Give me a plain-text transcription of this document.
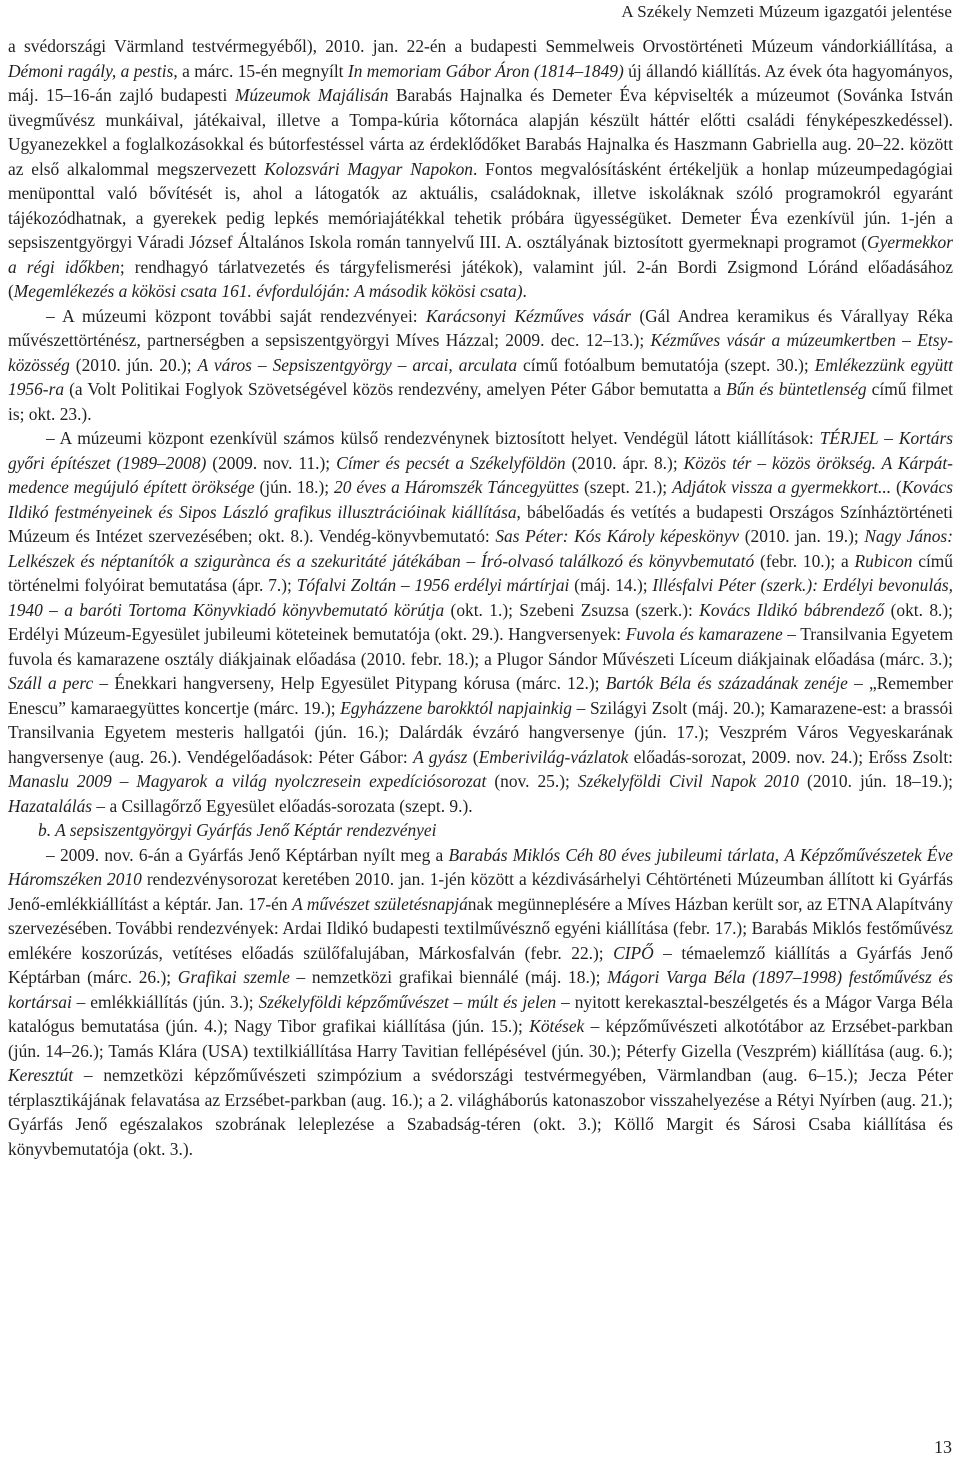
A Székely Nemzeti Múzeum igazgatói jelentése

a svédországi Värmland testvérmegyéből), 2010. jan. 22-én a budapesti Semmelweis Orvostörténeti Múzeum vándorkiállítása, a Démoni ragály, a pestis, a márc. 15-én megnyílt In memoriam Gábor Áron (1814–1849) új állandó kiállítás. Az évek óta hagyományos, máj. 15–16-án zajló budapesti Múzeumok Majálisán Barabás Hajnalka és Demeter Éva képviselték a múzeumot (Sovánka István üvegművész munkáival, játékaival, illetve a Tompa-kúria kőtornáca alapján készült háttér előtti családi fényképeszkedéssel). Ugyanezekkel a foglalkozásokkal és bútorfestéssel várta az érdeklődőket Barabás Hajnalka és Haszmann Gabriella aug. 20–22. között az első alkalommal megszervezett Kolozsvári Magyar Napokon. Fontos megvalósításként értékeljük a honlap múzeumpedagógiai menüponttal való bővítését is, ahol a látogatók az aktuális, családoknak, illetve iskoláknak szóló programokról egyaránt tájékozódhatnak, a gyerekek pedig lepkés memóriajátékkal tehetik próbára ügyességüket. Demeter Éva ezenkívül jún. 1-jén a sepsiszentgyörgyi Váradi József Általános Iskola román tannyelvű III. A. osztályának biztosított gyermeknapi programot (Gyermekkor a régi időkben; rendhagyó tárlatvezetés és tárgyfelismerési játékok), valamint júl. 2-án Bordi Zsigmond Lóránd előadásához (Megemlékezés a kökösi csata 161. évfordulóján: A második kökösi csata).

– A múzeumi központ további saját rendezvényei: Karácsonyi Kézműves vásár (Gál Andrea keramikus és Várallyay Réka művészettörténész, partnerségben a sepsiszentgyörgyi Míves Házzal; 2009. dec. 12–13.); Kézműves vásár a múzeumkertben – Etsy-közösség (2010. jún. 20.); A város – Sepsiszentgyörgy – arcai, arculata című fotóalbum bemutatója (szept. 30.); Emlékezzünk együtt 1956-ra (a Volt Politikai Foglyok Szövetségével közös rendezvény, amelyen Péter Gábor bemutatta a Bűn és büntetlenség című filmet is; okt. 23.).

– A múzeumi központ ezenkívül számos külső rendezvénynek biztosított helyet. Vendégül látott kiállítások: TÉRJEL – Kortárs győri építészet (1989–2008) (2009. nov. 11.); Címer és pecsét a Székelyföldön (2010. ápr. 8.); Közös tér – közös örökség. A Kárpát-medence megújuló épített öröksége (jún. 18.); 20 éves a Háromszék Táncegyüttes (szept. 21.); Adjátok vissza a gyermekkort... (Kovács Ildikó festményeinek és Sipos László grafikus illusztrációinak kiállítása, bábelőadás és vetítés a budapesti Országos Színháztörténeti Múzeum és Intézet szervezésében; okt. 8.). Vendég-könyvbemutató: Sas Péter: Kós Károly képeskönyv (2010. jan. 19.); Nagy János: Lelkészek és néptanítók a szigurànca és a szekuritáté játékában – Író-olvasó találkozó és könyvbemutató (febr. 10.); a Rubicon című történelmi folyóirat bemutatása (ápr. 7.); Tófalvi Zoltán – 1956 erdélyi mártírjai (máj. 14.); Illésfalvi Péter (szerk.): Erdélyi bevonulás, 1940 – a baróti Tortoma Könyvkiadó könyvbemutató körútja (okt. 1.); Szebeni Zsuzsa (szerk.): Kovács Ildikó bábrendező (okt. 8.); Erdélyi Múzeum-Egyesület jubileumi köteteinek bemutatója (okt. 29.). Hangversenyek: Fuvola és kamarazene – Transilvania Egyetem fuvola és kamarazene osztály diákjainak előadása (2010. febr. 18.); a Plugor Sándor Művészeti Líceum diákjainak előadása (márc. 3.); Száll a perc – Énekkari hangverseny, Help Egyesület Pitypang kórusa (márc. 12.); Bartók Béla és századának zenéje – „Remember Enescu” kamaraegyüttes koncertje (márc. 19.); Egyházzene barokktól napjainkig – Szilágyi Zsolt (máj. 20.); Kamarazene-est: a brassói Transilvania Egyetem mesteris hallgatói (jún. 16.); Dalárdák évzáró hangversenye (jún. 17.); Veszprém Város Vegyeskarának hangversenye (aug. 26.). Vendégelőadások: Péter Gábor: A gyász (Emberivilág-vázlatok előadás-sorozat, 2009. nov. 24.); Erőss Zsolt: Manaslu 2009 – Magyarok a világ nyolczresein expedíciósorozat (nov. 25.); Székelyföldi Civil Napok 2010 (2010. jún. 18–19.); Hazatalálás – a Csillagőrző Egyesület előadás-sorozata (szept. 9.).

b. A sepsiszentgyörgyi Gyárfás Jenő Képtár rendezvényei

– 2009. nov. 6-án a Gyárfás Jenő Képtárban nyílt meg a Barabás Miklós Céh 80 éves jubileumi tárlata, A Képzőművészetek Éve Háromszéken 2010 rendezvénysorozat keretében 2010. jan. 1-jén között a kézdivásárhelyi Céhtörténeti Múzeumban állított ki Gyárfás Jenő-emlékkiállítást a képtár. Jan. 17-én A művészet születésnapjának megünneplésére a Míves Házban került sor, az ETNA Alapítvány szervezésében. További rendezvények: Ardai Ildikó budapesti textilművésznő egyéni kiállítása (febr. 17.); Barabás Miklós festőművész emlékére koszorúzás, vetítéses előadás szülőfalujában, Márkosfalván (febr. 22.); CIPŐ – témaelemző kiállítás a Gyárfás Jenő Képtárban (márc. 26.); Grafikai szemle – nemzetközi grafikai biennálé (máj. 18.); Mágori Varga Béla (1897–1998) festőművész és kortársai – emlékkiállítás (jún. 3.); Székelyföldi képzőművészet – múlt és jelen – nyitott kerekasztal-beszélgetés és a Mágor Varga Béla katalógus bemutatása (jún. 4.); Nagy Tibor grafikai kiállítása (jún. 15.); Kötések – képzőművészeti alkotótábor az Erzsébet-parkban (jún. 14–26.); Tamás Klára (USA) textilkiállítása Harry Tavitian fellépésével (jún. 30.); Péterfy Gizella (Veszprém) kiállítása (aug. 6.); Keresztút – nemzetközi képzőművészeti szimpózium a svédországi testvérmegyében, Värmlandban (aug. 6–15.); Jecza Péter térplasztikájának felavatása az Erzsébet-parkban (aug. 16.); a 2. világháborús katonaszobor visszahelyezése a Rétyi Nyírben (aug. 21.); Gyárfás Jenő egészalakos szobrának leleplezése a Szabadság-téren (okt. 3.); Köllő Margit és Sárosi Csaba kiállítása és könyvbemutatója (okt. 3.).

13
